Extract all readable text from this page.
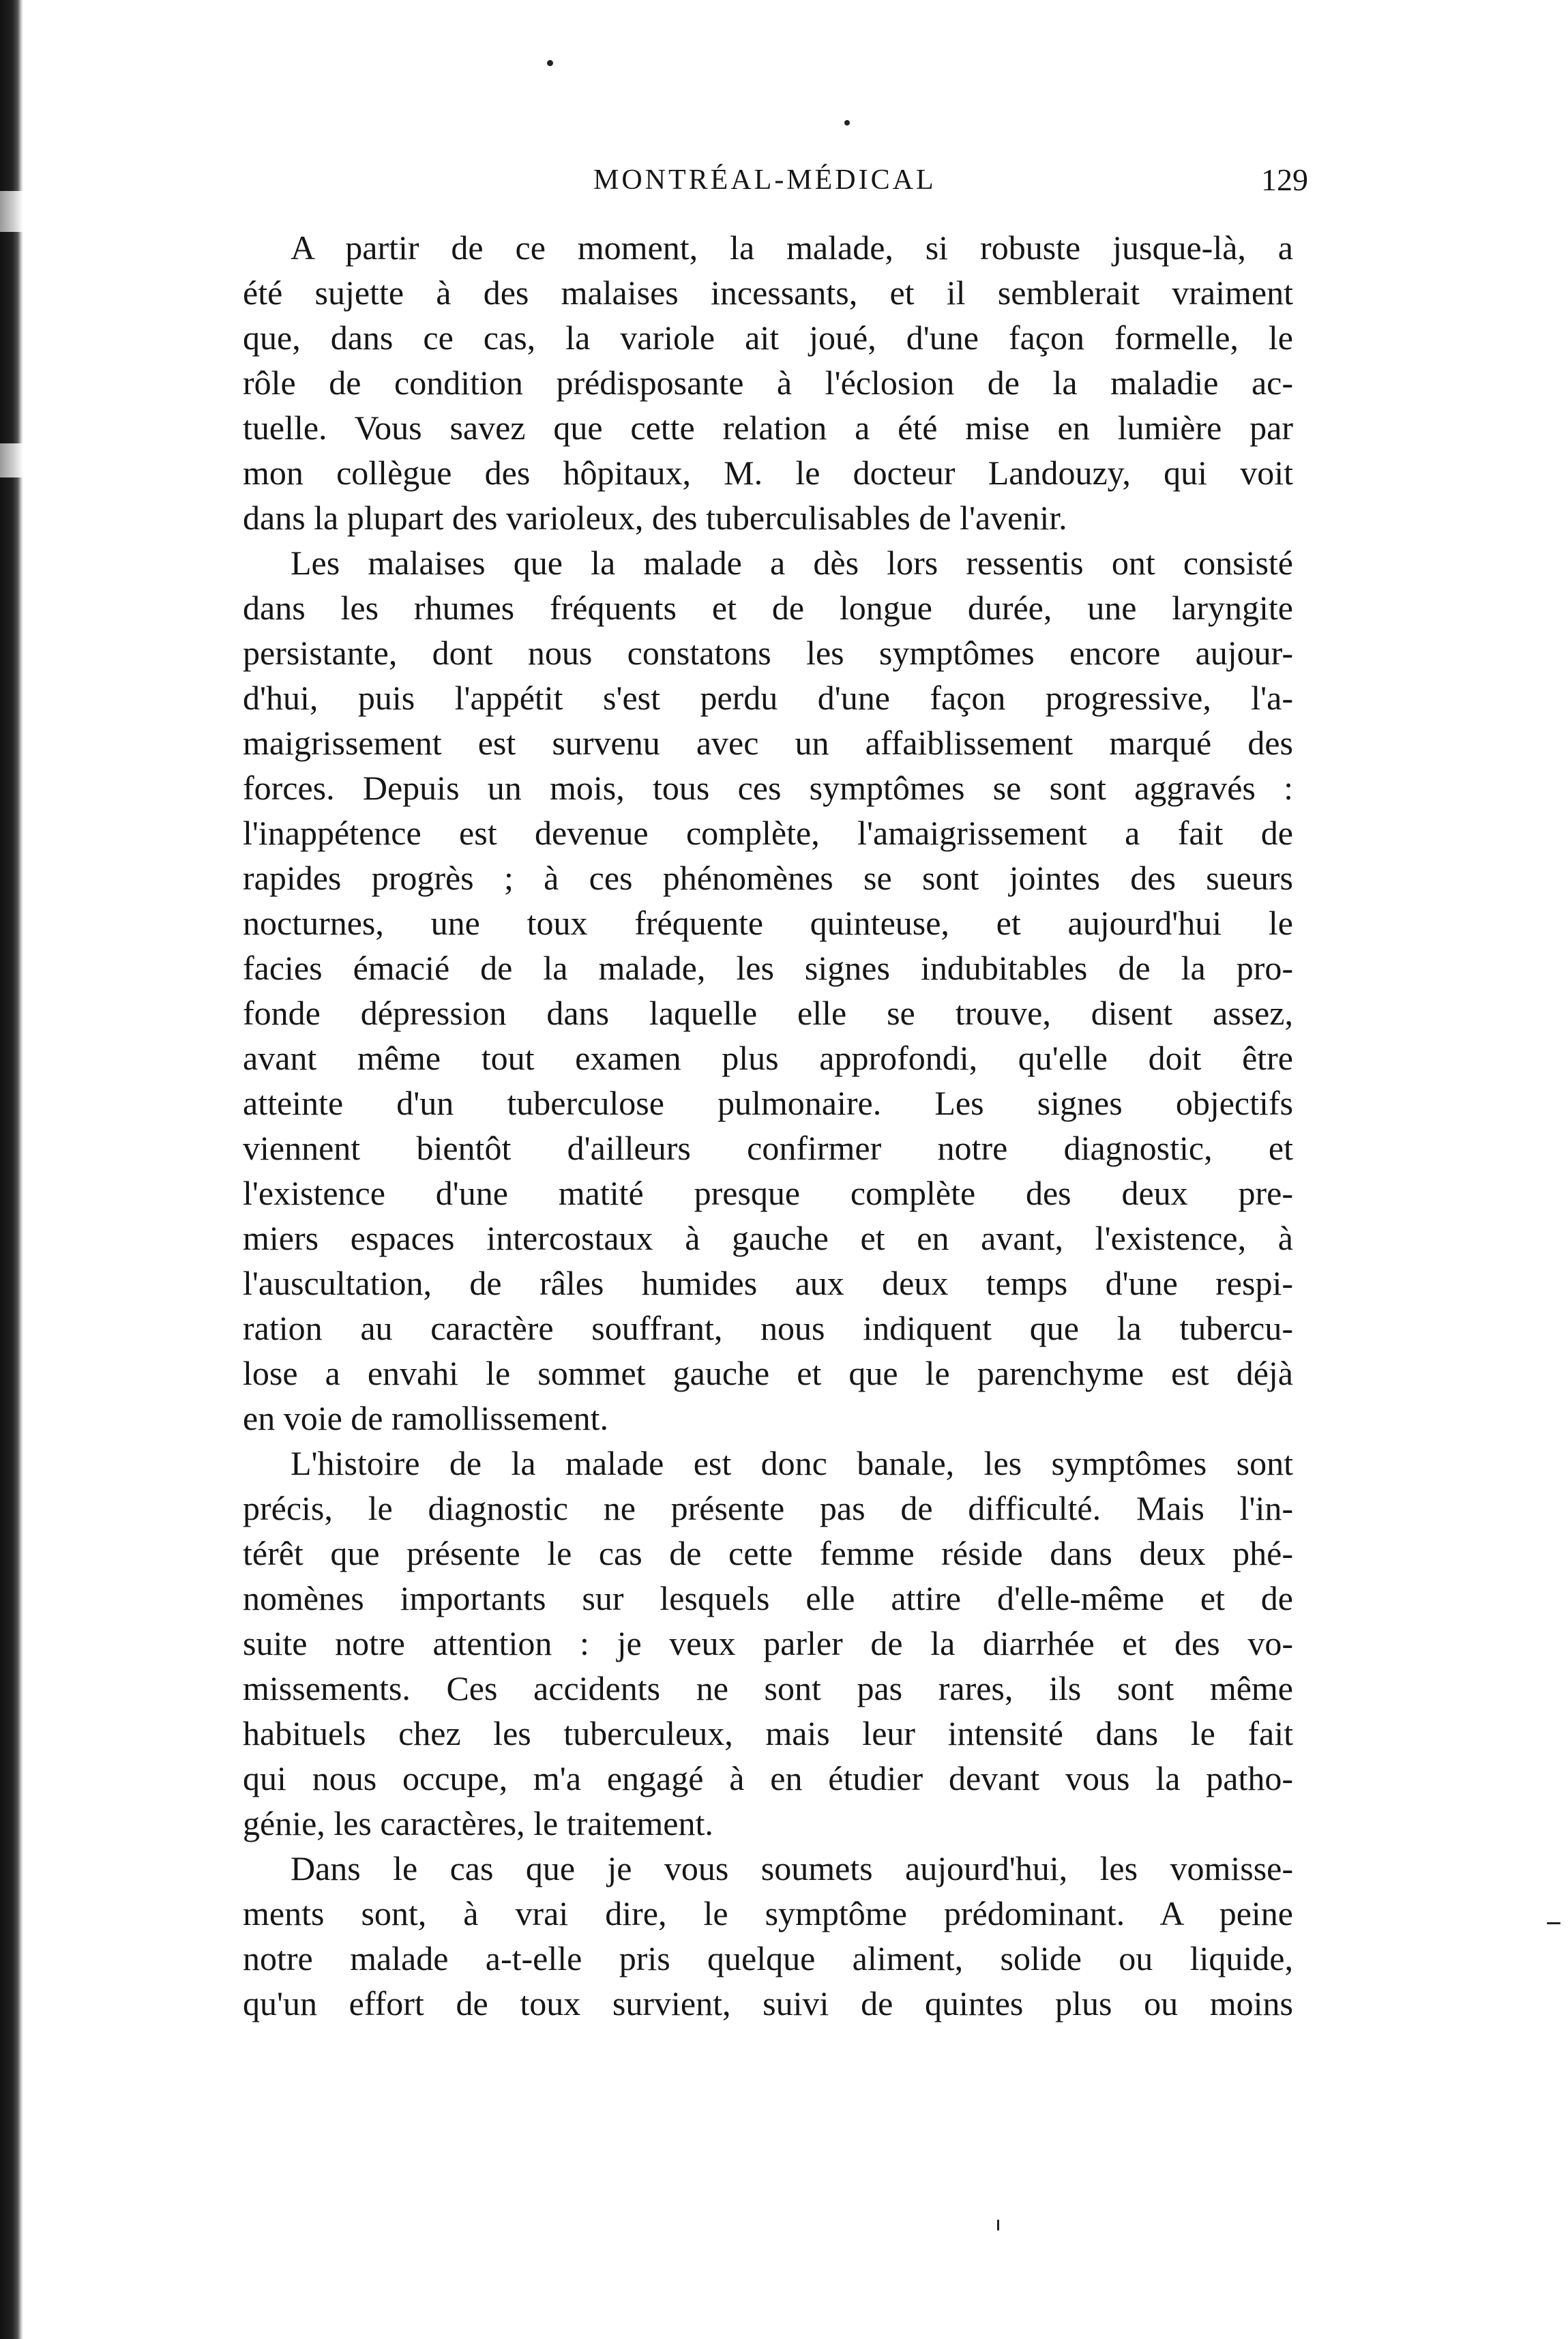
MONTRÉAL-MÉDICAL	129
A partir de ce moment, la malade, si robuste jusque-là, a
été sujette à des malaises incessants, et il semblerait vraiment
que, dans ce cas, la variole ait joué, d'une façon formelle, le
rôle de condition prédisposante à l'éclosion de la maladie ac-
tuelle. Vous savez que cette relation a été mise en lumière par
mon collègue des hôpitaux, M. le docteur Landouzy, qui voit
dans la plupart des varioleux, des tuberculisables de l'avenir.
Les malaises que la malade a dès lors ressentis ont consisté
dans les rhumes fréquents et de longue durée, une laryngite
persistante, dont nous constatons les symptômes encore aujour-
d'hui, puis l'appétit s'est perdu d'une façon progressive, l'a-
maigrissement est survenu avec un affaiblissement marqué des
forces. Depuis un mois, tous ces symptômes se sont aggravés :
l'inappétence est devenue complète, l'amaigrissement a fait de
rapides progrès ; à ces phénomènes se sont jointes des sueurs
nocturnes, une toux fréquente quinteuse, et aujourd'hui le
facies émacié de la malade, les signes indubitables de la pro-
fonde dépression dans laquelle elle se trouve, disent assez,
avant même tout examen plus approfondi, qu'elle doit être
atteinte d'un tuberculose pulmonaire. Les signes objectifs
viennent bientôt d'ailleurs confirmer notre diagnostic, et
l'existence d'une matité presque complète des deux pre-
miers espaces intercostaux à gauche et en avant, l'existence, à
l'auscultation, de râles humides aux deux temps d'une respi-
ration au caractère souffrant, nous indiquent que la tubercu-
lose a envahi le sommet gauche et que le parenchyme est déjà
en voie de ramollissement.
L'histoire de la malade est donc banale, les symptômes sont
précis, le diagnostic ne présente pas de difficulté. Mais l'in-
térêt que présente le cas de cette femme réside dans deux phé-
nomènes importants sur lesquels elle attire d'elle-même et de
suite notre attention : je veux parler de la diarrhée et des vo-
missements. Ces accidents ne sont pas rares, ils sont même
habituels chez les tuberculeux, mais leur intensité dans le fait
qui nous occupe, m'a engagé à en étudier devant vous la patho-
génie, les caractères, le traitement.
Dans le cas que je vous soumets aujourd'hui, les vomisse-
ments sont, à vrai dire, le symptôme prédominant. A peine
notre malade a-t-elle pris quelque aliment, solide ou liquide,
qu'un effort de toux survient, suivi de quintes plus ou moins
